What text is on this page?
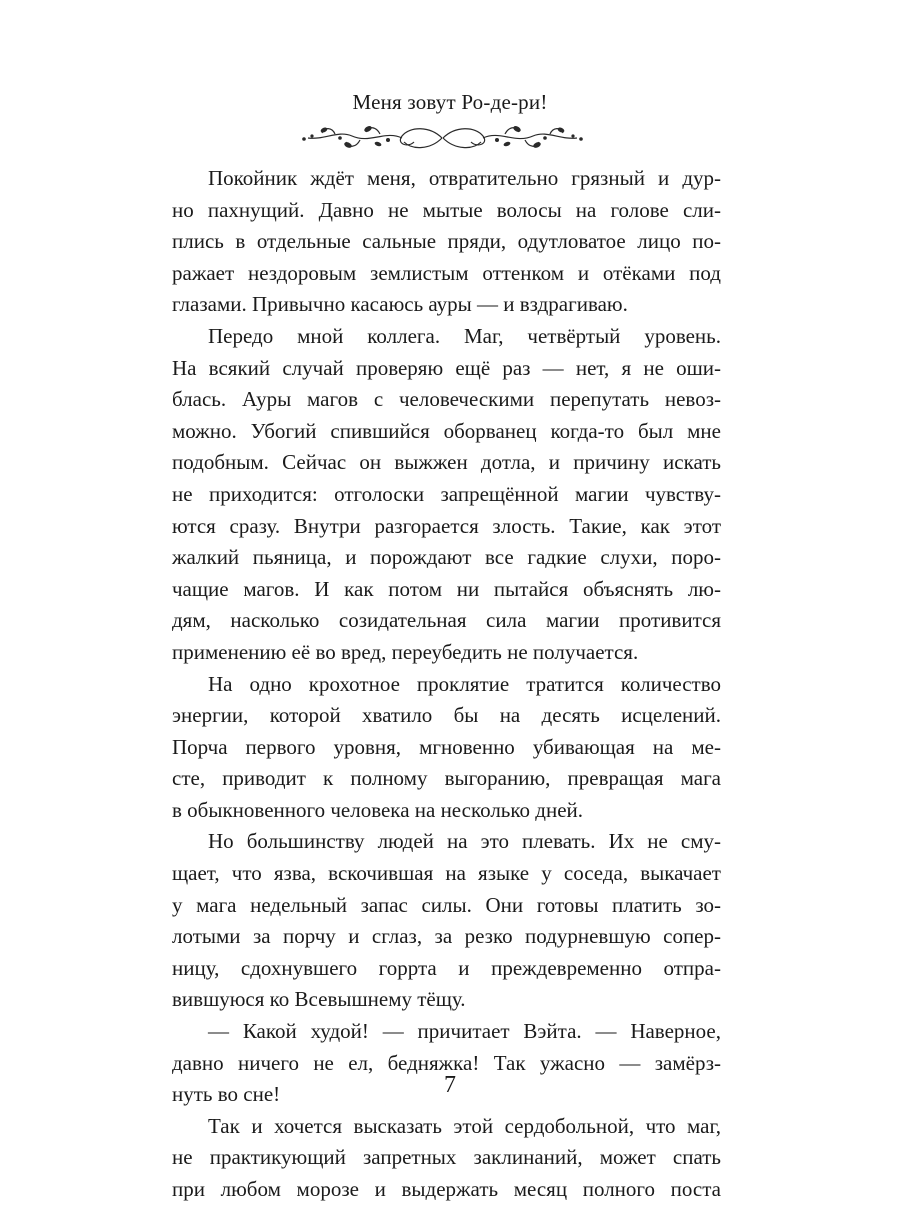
Меня зовут Ро-де-ри!
Покойник ждёт меня, отвратительно грязный и дур-
но пахнущий. Давно не мытые волосы на голове сли-
плись в отдельные сальные пряди, одутловатое лицо по-
ражает нездоровым землистым оттенком и отёками под
глазами. Привычно касаюсь ауры — и вздрагиваю.
Передо мной коллега. Маг, четвёртый уровень.
На всякий случай проверяю ещё раз — нет, я не оши-
блась. Ауры магов с человеческими перепутать невоз-
можно. Убогий спившийся оборванец когда-то был мне
подобным. Сейчас он выжжен дотла, и причину искать
не приходится: отголоски запрещённой магии чувству-
ются сразу. Внутри разгорается злость. Такие, как этот
жалкий пьяница, и порождают все гадкие слухи, поро-
чащие магов. И как потом ни пытайся объяснять лю-
дям, насколько созидательная сила магии противится
применению её во вред, переубедить не получается.
На одно крохотное проклятие тратится количество
энергии, которой хватило бы на десять исцелений.
Порча первого уровня, мгновенно убивающая на ме-
сте, приводит к полному выгоранию, превращая мага
в обыкновенного человека на несколько дней.
Но большинству людей на это плевать. Их не сму-
щает, что язва, вскочившая на языке у соседа, выкачает
у мага недельный запас силы. Они готовы платить зо-
лотыми за порчу и сглаз, за резко подурневшую сопер-
ницу, сдохнувшего горрта и преждевременно отпра-
вившуюся ко Всевышнему тёщу.
— Какой худой! — причитает Вэйта. — Наверное,
давно ничего не ел, бедняжка! Так ужасно — замёрз-
нуть во сне!
Так и хочется высказать этой сердобольной, что маг,
не практикующий запретных заклинаний, может спать
при любом морозе и выдержать месяц полного поста
7
